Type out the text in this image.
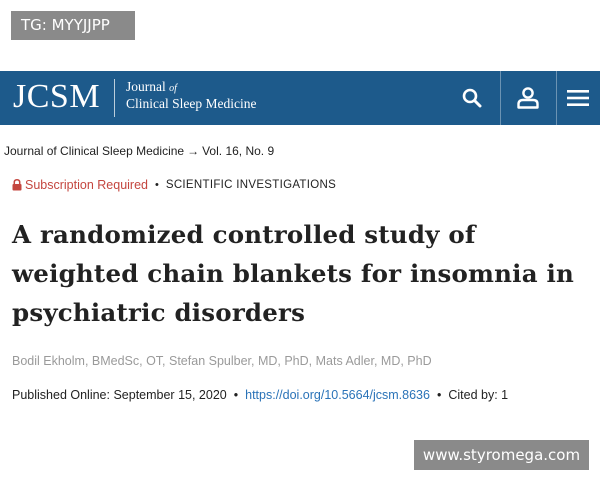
TG: MYYJJPP
JCSM Journal of
Clinical Sleep Medicine
Journal of Clinical Sleep Medicine → Vol. 16, No. 9
Subscription Required • SCIENTIFIC INVESTIGATIONS
A randomized controlled study of weighted chain blankets for insomnia in psychiatric disorders
Bodil Ekholm, BMedSc, OT, Stefan Spulber, MD, PhD, Mats Adler, MD, PhD
Published Online: September 15, 2020 • https://doi.org/10.5664/jcsm.8636 • Cited by: 1
www.styromega.com
